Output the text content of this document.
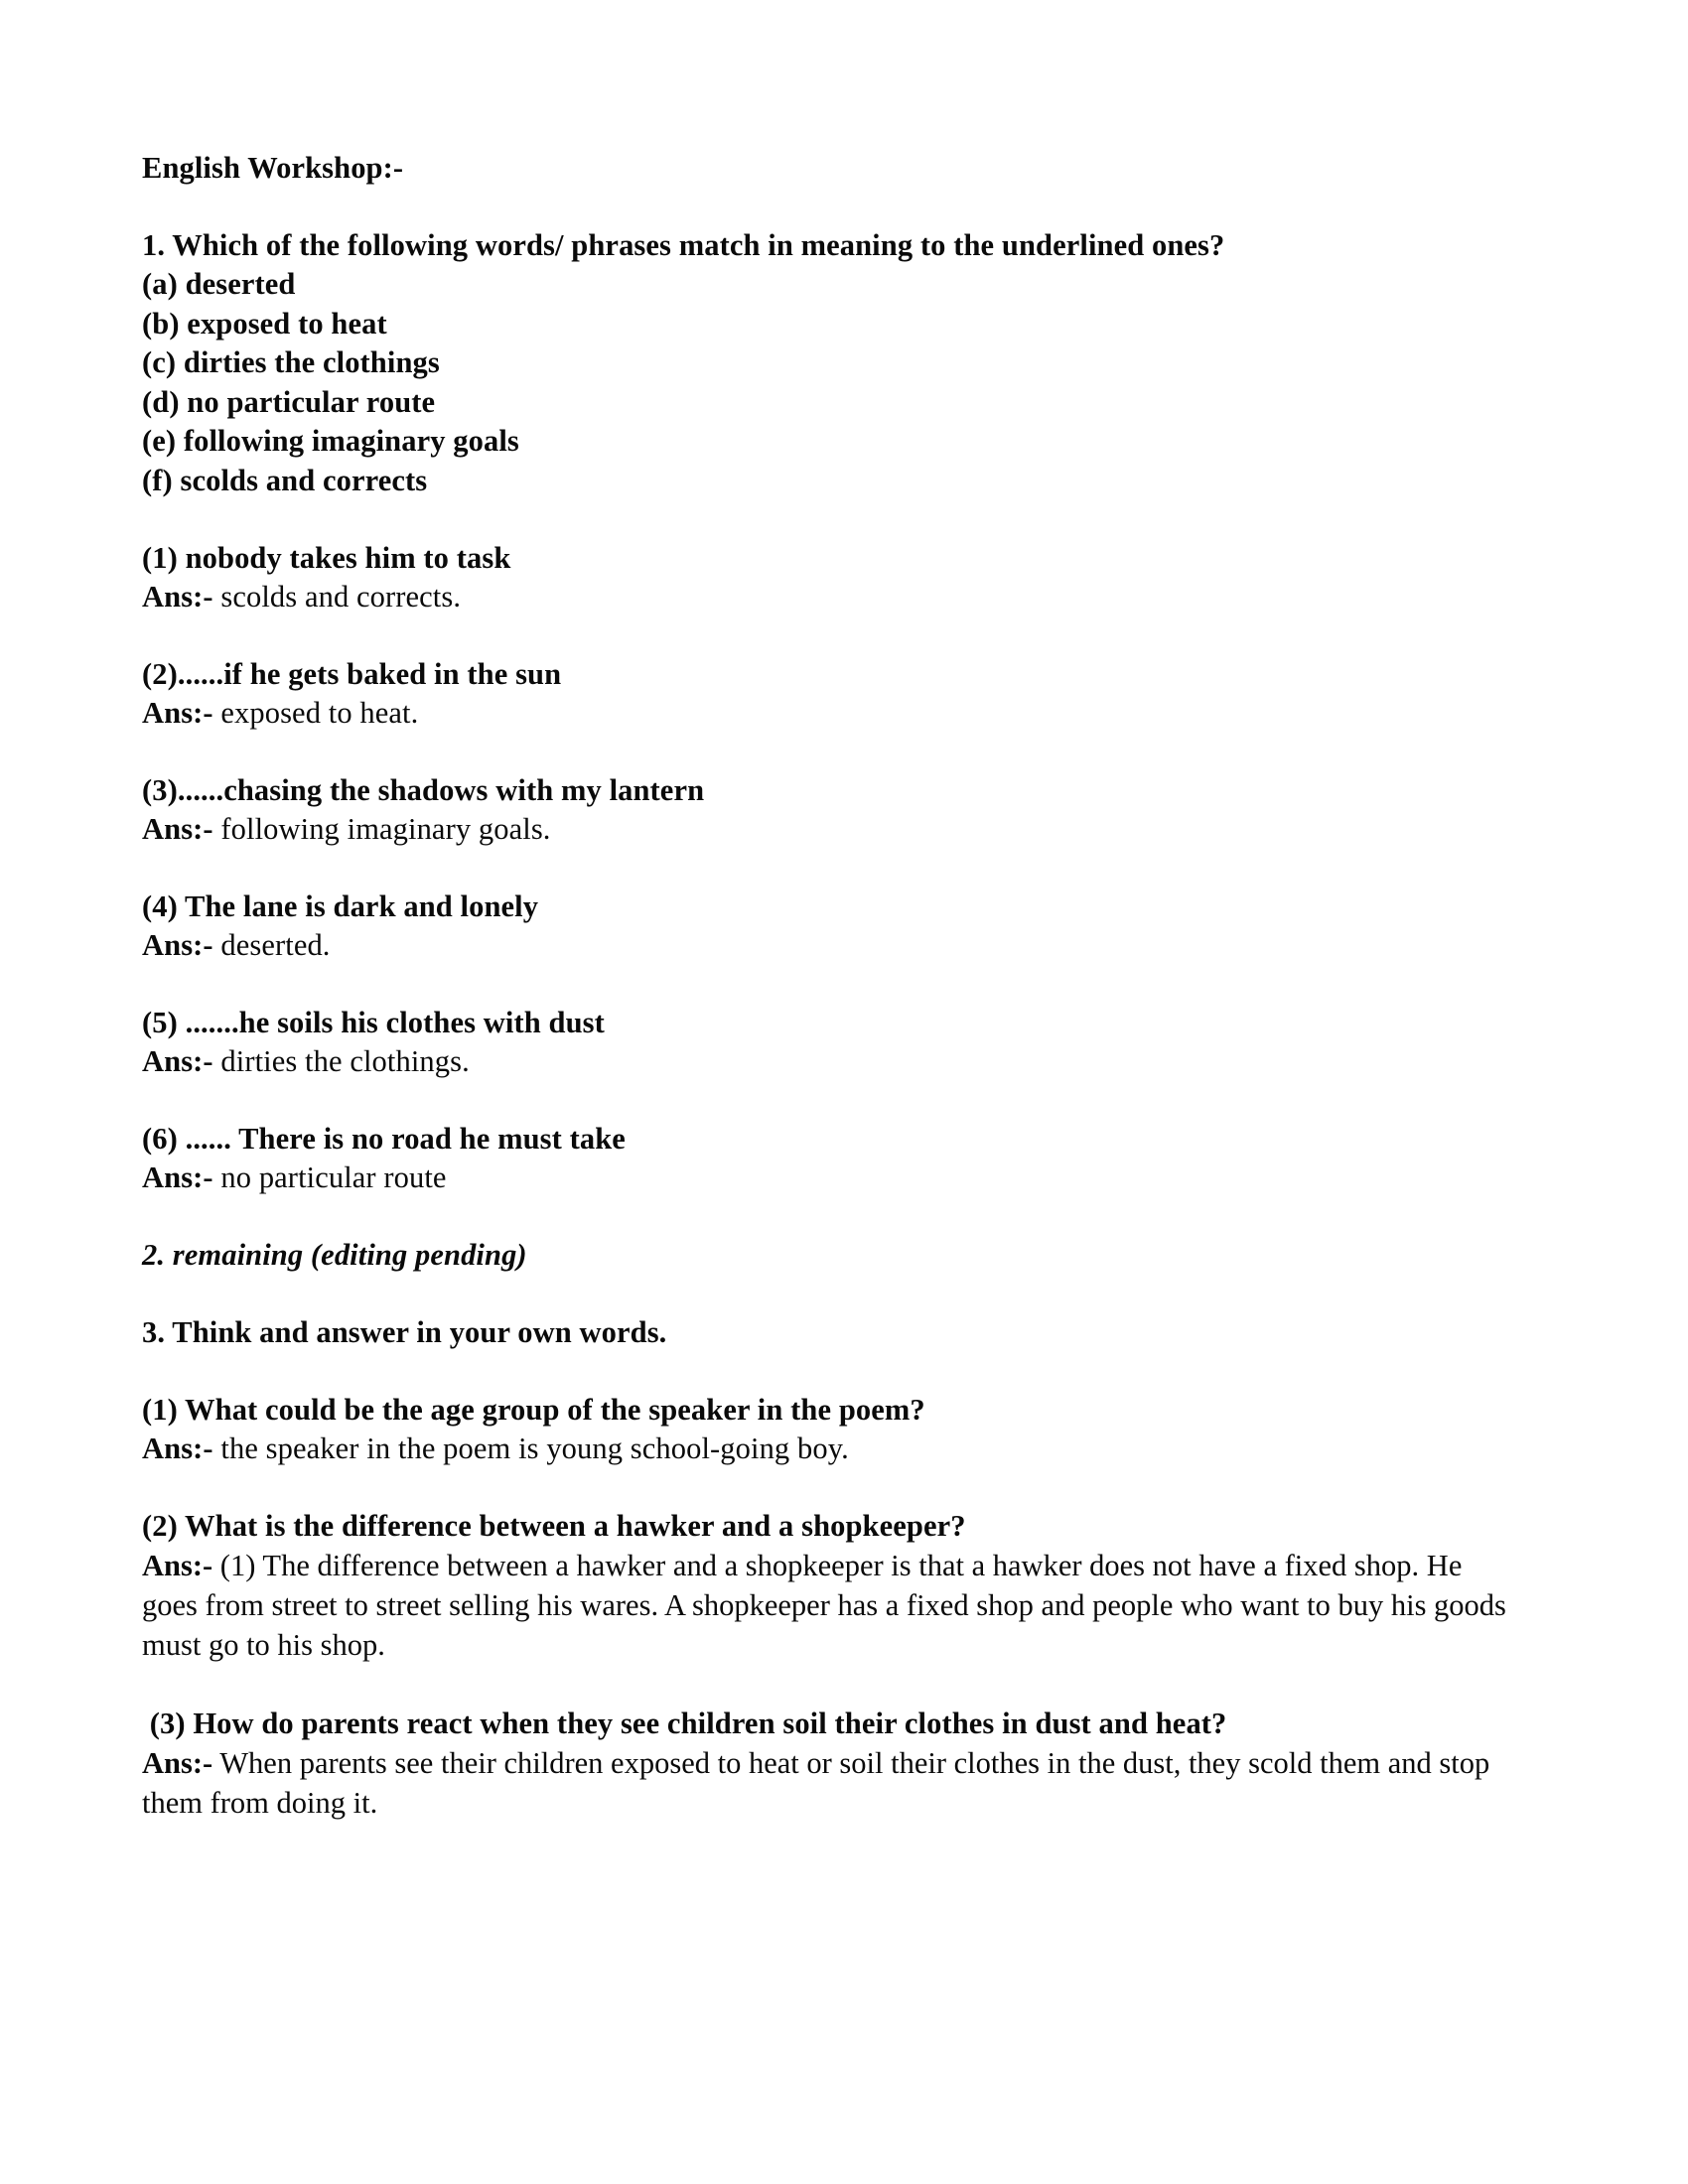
English Workshop:-
1. Which of the following words/ phrases match in meaning to the underlined ones?
(a) deserted
(b) exposed to heat
(c) dirties the clothings
(d) no particular route
(e) following imaginary goals
(f) scolds and corrects
(1) nobody takes him to task
Ans:- scolds and corrects.
(2)......if he gets baked in the sun
Ans:- exposed to heat.
(3)......chasing the shadows with my lantern
Ans:- following imaginary goals.
(4) The lane is dark and lonely
Ans:- deserted.
(5) .......he soils his clothes with dust
Ans:- dirties the clothings.
(6) ...... There is no road he must take
Ans:- no particular route
2. remaining (editing pending)
3. Think and answer in your own words.
(1) What could be the age group of the speaker in the poem?
Ans:- the speaker in the poem is young school-going boy.
(2) What is the difference between a hawker and a shopkeeper?
Ans:- (1) The difference between a hawker and a shopkeeper is that a hawker does not have a fixed shop. He goes from street to street selling his wares. A shopkeeper has a fixed shop and people who want to buy his goods must go to his shop.
(3) How do parents react when they see children soil their clothes in dust and heat?
Ans:- When parents see their children exposed to heat or soil their clothes in the dust, they scold them and stop them from doing it.
